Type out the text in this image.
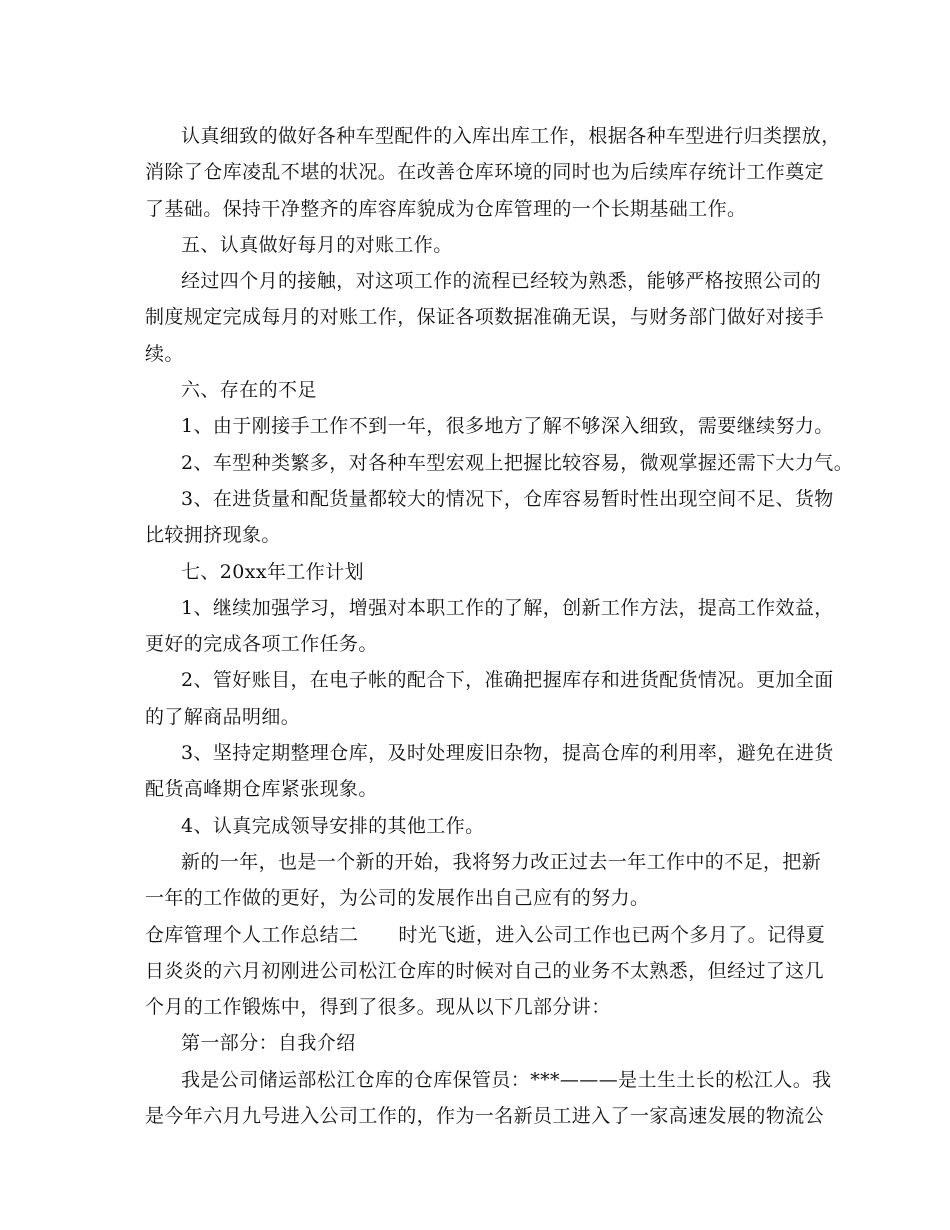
认真细致的做好各种车型配件的入库出库工作，根据各种车型进行归类摆放，
消除了仓库凌乱不堪的状况。在改善仓库环境的同时也为后续库存统计工作奠定
了基础。保持干净整齐的库容库貌成为仓库管理的一个长期基础工作。
五、认真做好每月的对账工作。
经过四个月的接触，对这项工作的流程已经较为熟悉，能够严格按照公司的
制度规定完成每月的对账工作，保证各项数据准确无误，与财务部门做好对接手
续。
六、存在的不足
1、由于刚接手工作不到一年，很多地方了解不够深入细致，需要继续努力。
2、车型种类繁多，对各种车型宏观上把握比较容易，微观掌握还需下大力气。
3、在进货量和配货量都较大的情况下，仓库容易暂时性出现空间不足、货物
比较拥挤现象。
七、20xx年工作计划
1、继续加强学习，增强对本职工作的了解，创新工作方法，提高工作效益，
更好的完成各项工作任务。
2、管好账目，在电子帐的配合下，准确把握库存和进货配货情况。更加全面
的了解商品明细。
3、坚持定期整理仓库，及时处理废旧杂物，提高仓库的利用率，避免在进货
配货高峰期仓库紧张现象。
4、认真完成领导安排的其他工作。
新的一年，也是一个新的开始，我将努力改正过去一年工作中的不足，把新
一年的工作做的更好，为公司的发展作出自己应有的努力。
仓库管理个人工作总结二 时光飞逝，进入公司工作也已两个多月了。记得夏
日炎炎的六月初刚进公司松江仓库的时候对自己的业务不太熟悉，但经过了这几
个月的工作锻炼中，得到了很多。现从以下几部分讲：
第一部分：自我介绍
我是公司储运部松江仓库的仓库保管员：***———是土生土长的松江人。我
是今年六月九号进入公司工作的，作为一名新员工进入了一家高速发展的物流公
